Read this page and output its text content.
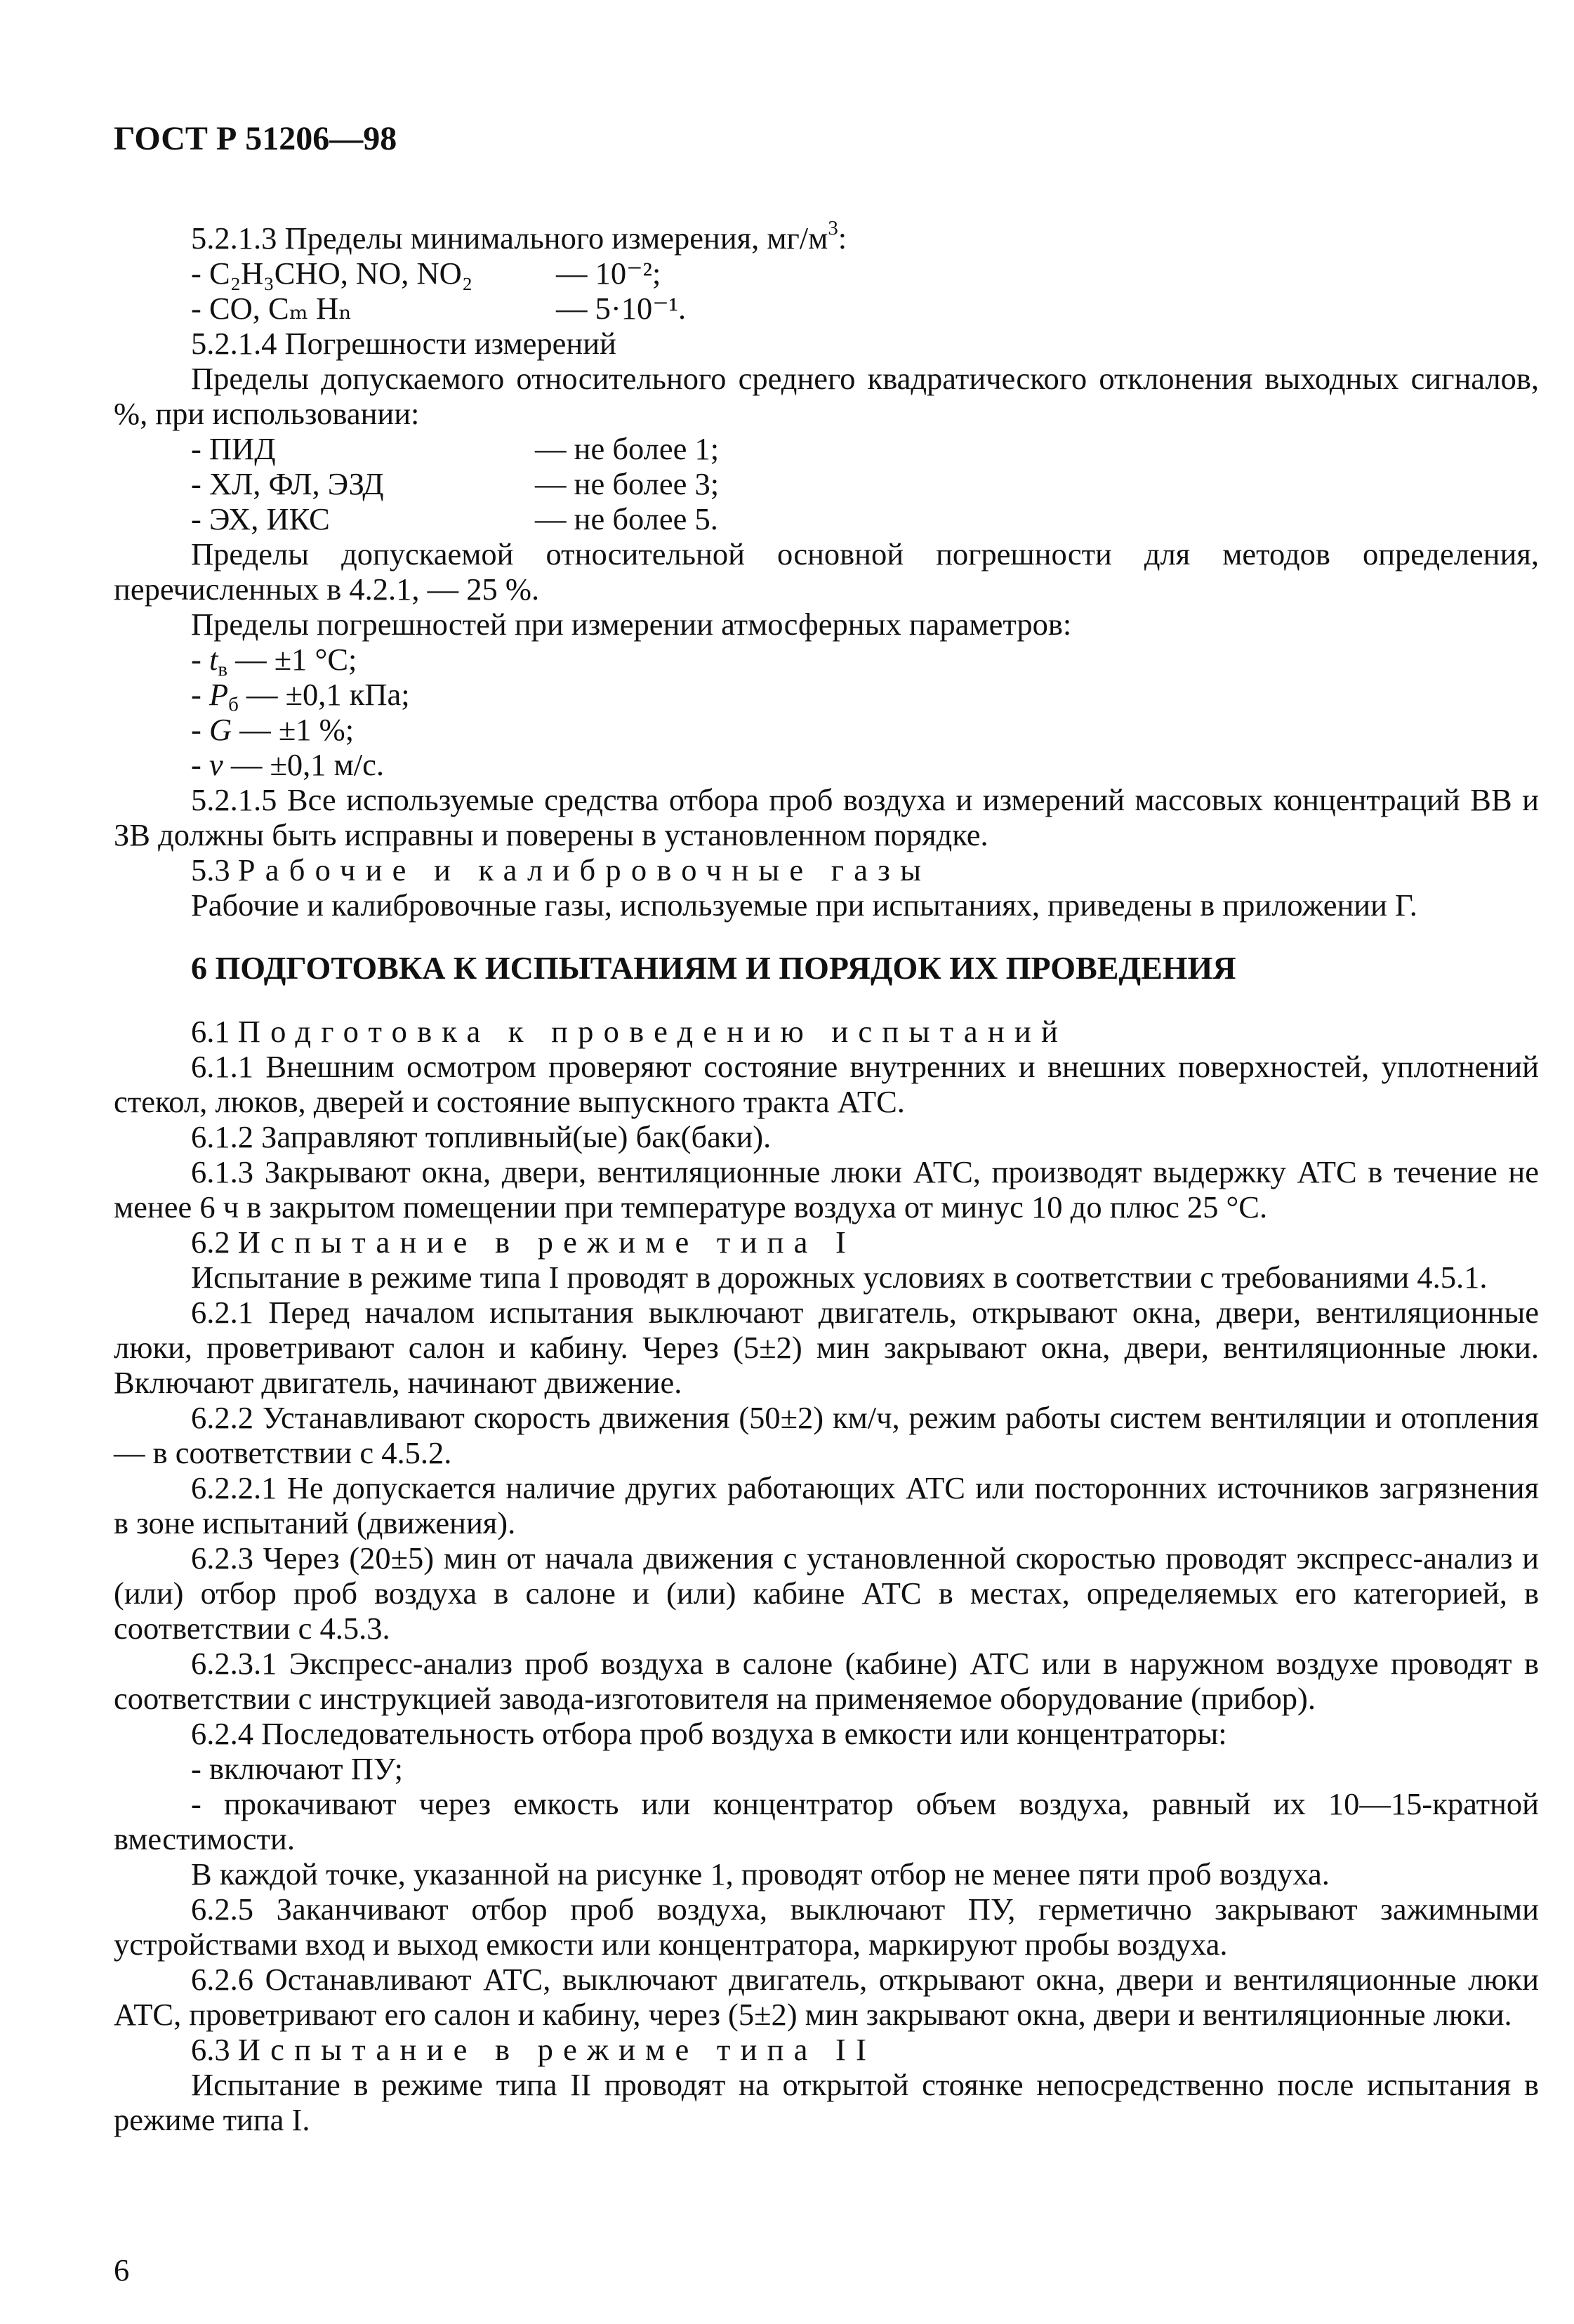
ГОСТ Р 51206—98

5.2.1.3 Пределы минимального измерения, $мг/м^3$:

- C₂H₃CHO, NO, NO₂	— 10⁻²;
- CO, Cₘ Hₙ	— 5·10⁻¹.

5.2.1.4 Погрешности измерений

Пределы допускаемого относительного среднего квадратического отклонения выходных сигналов, %, при использовании:

- ПИД	— не более 1;
- ХЛ, ФЛ, ЭЗД	— не более 3;
- ЭХ, ИКС	— не более 5.

Пределы допускаемой относительной основной погрешности для методов определения, перечисленных в 4.2.1, — 25 %.

Пределы погрешностей при измерении атмосферных параметров:

- $t_в$ — ±1 °С;
- $P_б$ — ±0,1 кПа;
- G — ±1 %;
- v — ±0,1 м/с.

5.2.1.5 Все используемые средства отбора проб воздуха и измерений массовых концентраций ВВ и ЗВ должны быть исправны и поверены в установленном порядке.

5.3 Рабочие и калибровочные газы

Рабочие и калибровочные газы, используемые при испытаниях, приведены в приложении Г.

6 ПОДГОТОВКА К ИСПЫТАНИЯМ И ПОРЯДОК ИХ ПРОВЕДЕНИЯ

6.1 Подготовка к проведению испытаний

6.1.1 Внешним осмотром проверяют состояние внутренних и внешних поверхностей, уплотнений стекол, люков, дверей и состояние выпускного тракта АТС.

6.1.2 Заправляют топливный(ые) бак(баки).

6.1.3 Закрывают окна, двери, вентиляционные люки АТС, производят выдержку АТС в течение не менее 6 ч в закрытом помещении при температуре воздуха от минус 10 до плюс 25 °С.

6.2 Испытание в режиме типа I

Испытание в режиме типа I проводят в дорожных условиях в соответствии с требованиями 4.5.1.

6.2.1 Перед началом испытания выключают двигатель, открывают окна, двери, вентиляционные люки, проветривают салон и кабину. Через (5±2) мин закрывают окна, двери, вентиляционные люки. Включают двигатель, начинают движение.

6.2.2 Устанавливают скорость движения (50±2) км/ч, режим работы систем вентиляции и отопления — в соответствии с 4.5.2.

6.2.2.1 Не допускается наличие других работающих АТС или посторонних источников загрязнения в зоне испытаний (движения).

6.2.3 Через (20±5) мин от начала движения с установленной скоростью проводят экспресс-анализ и (или) отбор проб воздуха в салоне и (или) кабине АТС в местах, определяемых его категорией, в соответствии с 4.5.3.

6.2.3.1 Экспресс-анализ проб воздуха в салоне (кабине) АТС или в наружном воздухе проводят в соответствии с инструкцией завода-изготовителя на применяемое оборудование (прибор).

6.2.4 Последовательность отбора проб воздуха в емкости или концентраторы:

- включают ПУ;

- прокачивают через емкость или концентратор объем воздуха, равный их 10—15-кратной вместимости.

В каждой точке, указанной на рисунке 1, проводят отбор не менее пяти проб воздуха.

6.2.5 Заканчивают отбор проб воздуха, выключают ПУ, герметично закрывают зажимными устройствами вход и выход емкости или концентратора, маркируют пробы воздуха.

6.2.6 Останавливают АТС, выключают двигатель, открывают окна, двери и вентиляционные люки АТС, проветривают его салон и кабину, через (5±2) мин закрывают окна, двери и вентиляционные люки.

6.3 Испытание в режиме типа II

Испытание в режиме типа II проводят на открытой стоянке непосредственно после испытания в режиме типа I.

6
